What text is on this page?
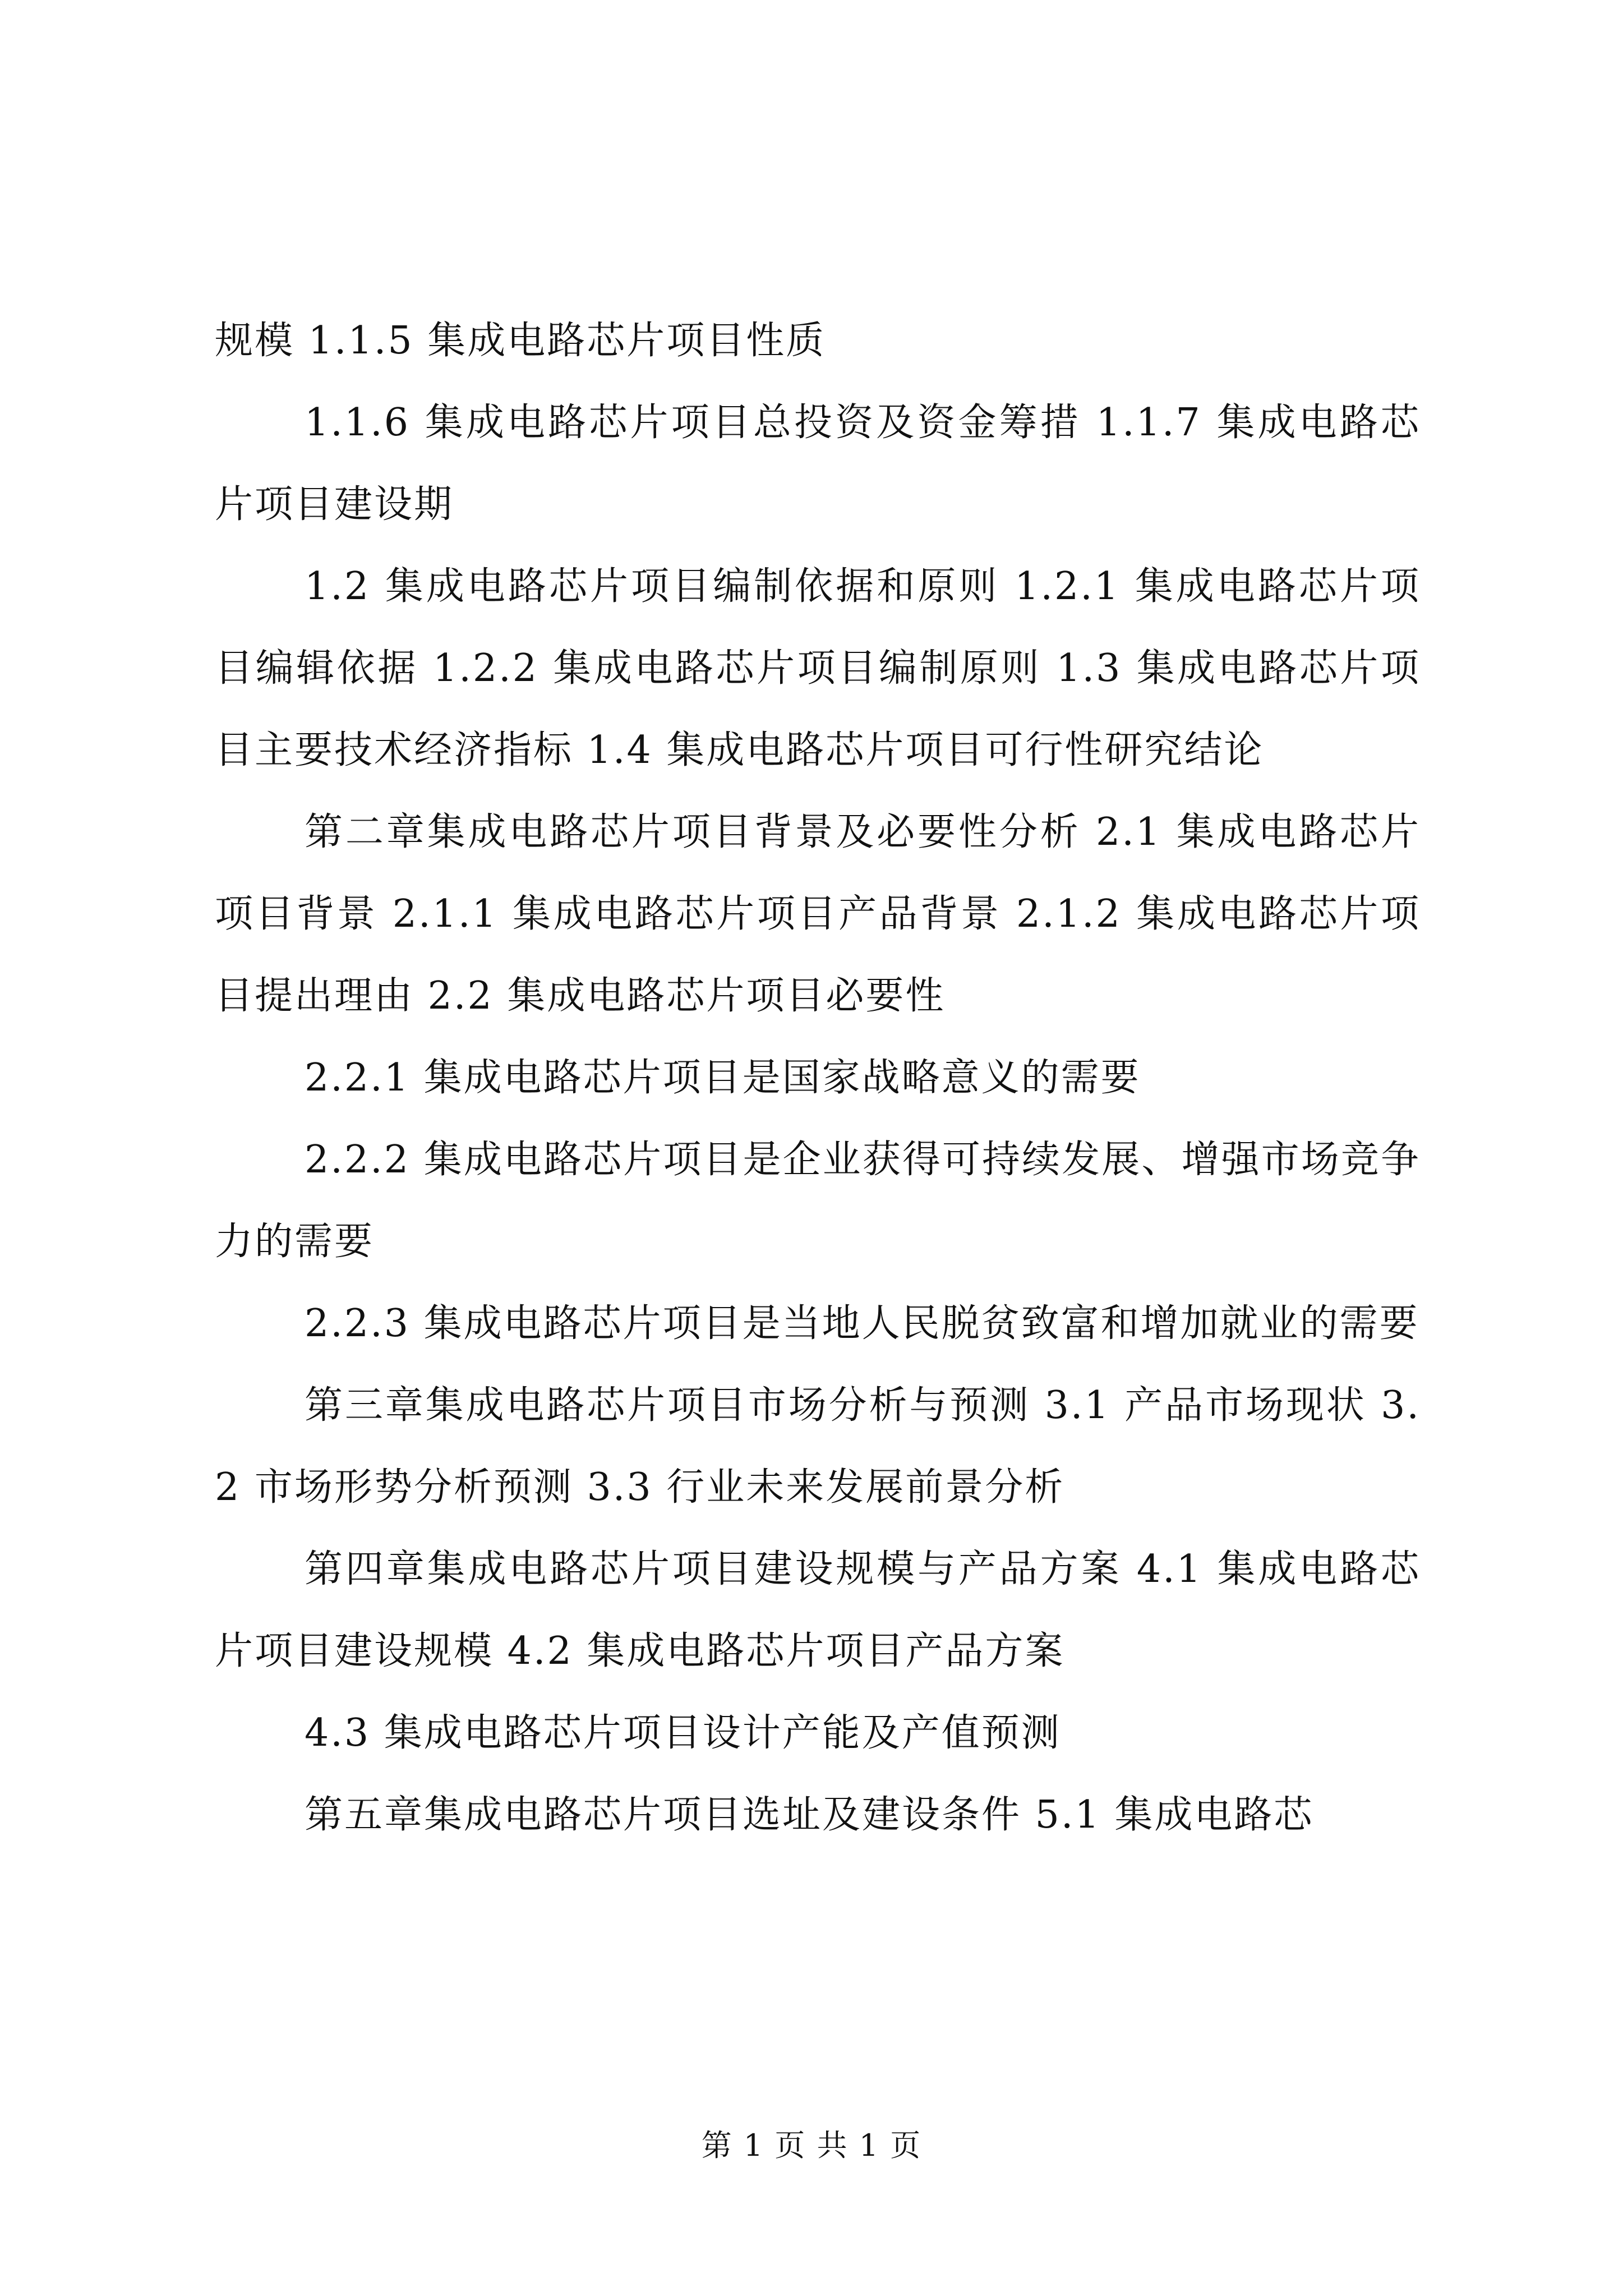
规模 1.1.5 集成电路芯片项目性质

1.1.6 集成电路芯片项目总投资及资金筹措 1.1.7 集成电路芯片项目建设期

1.2 集成电路芯片项目编制依据和原则 1.2.1 集成电路芯片项目编辑依据 1.2.2 集成电路芯片项目编制原则 1.3 集成电路芯片项目主要技术经济指标 1.4 集成电路芯片项目可行性研究结论

第二章集成电路芯片项目背景及必要性分析 2.1 集成电路芯片项目背景 2.1.1 集成电路芯片项目产品背景 2.1.2 集成电路芯片项目提出理由 2.2 集成电路芯片项目必要性

2.2.1 集成电路芯片项目是国家战略意义的需要

2.2.2 集成电路芯片项目是企业获得可持续发展、增强市场竞争力的需要

2.2.3 集成电路芯片项目是当地人民脱贫致富和增加就业的需要

第三章集成电路芯片项目市场分析与预测 3.1 产品市场现状 3.2 市场形势分析预测 3.3 行业未来发展前景分析

第四章集成电路芯片项目建设规模与产品方案 4.1 集成电路芯片项目建设规模 4.2 集成电路芯片项目产品方案

4.3 集成电路芯片项目设计产能及产值预测

第五章集成电路芯片项目选址及建设条件 5.1 集成电路芯

第 1 页 共 1 页
